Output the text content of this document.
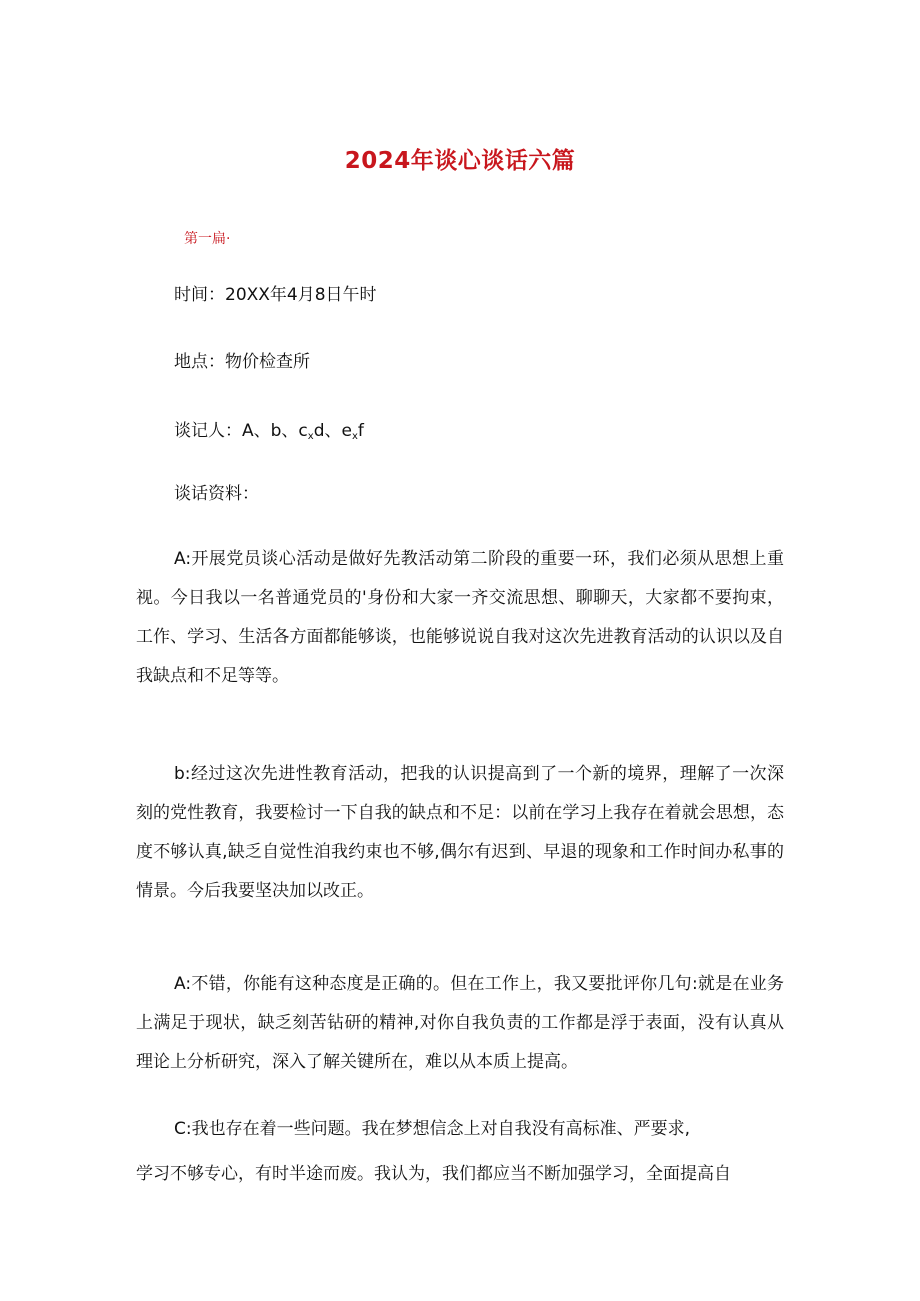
2024年谈心谈话六篇
第一扁·
时间：20XX年4月8日午时
地点：物价检查所
谈记人：A、b、$c_xd$、$e_xf$
谈话资料：
A:开展党员谈心活动是做好先教活动第二阶段的重要一环，我们必须从思想上重视。今日我以一名普通党员的'身份和大家一齐交流思想、聊聊天，大家都不要拘束，工作、学习、生活各方面都能够谈，也能够说说自我对这次先进教育活动的认识以及自我缺点和不足等等。
b:经过这次先进性教育活动，把我的认识提高到了一个新的境界，理解了一次深刻的党性教育，我要检讨一下自我的缺点和不足：以前在学习上我存在着就会思想，态度不够认真,缺乏自觉性洎我约束也不够,偶尔有迟到、早退的现象和工作时间办私事的情景。今后我要坚决加以改正。
A:不错，你能有这种态度是正确的。但在工作上，我又要批评你几句:就是在业务上满足于现状，缺乏刻苦钻研的精神,对你自我负责的工作都是浮于表面，没有认真从理论上分析研究，深入了解关键所在，难以从本质上提高。
C:我也存在着一些问题。我在梦想信念上对自我没有高标准、严要求,
学习不够专心，有时半途而废。我认为，我们都应当不断加强学习，全面提高自
